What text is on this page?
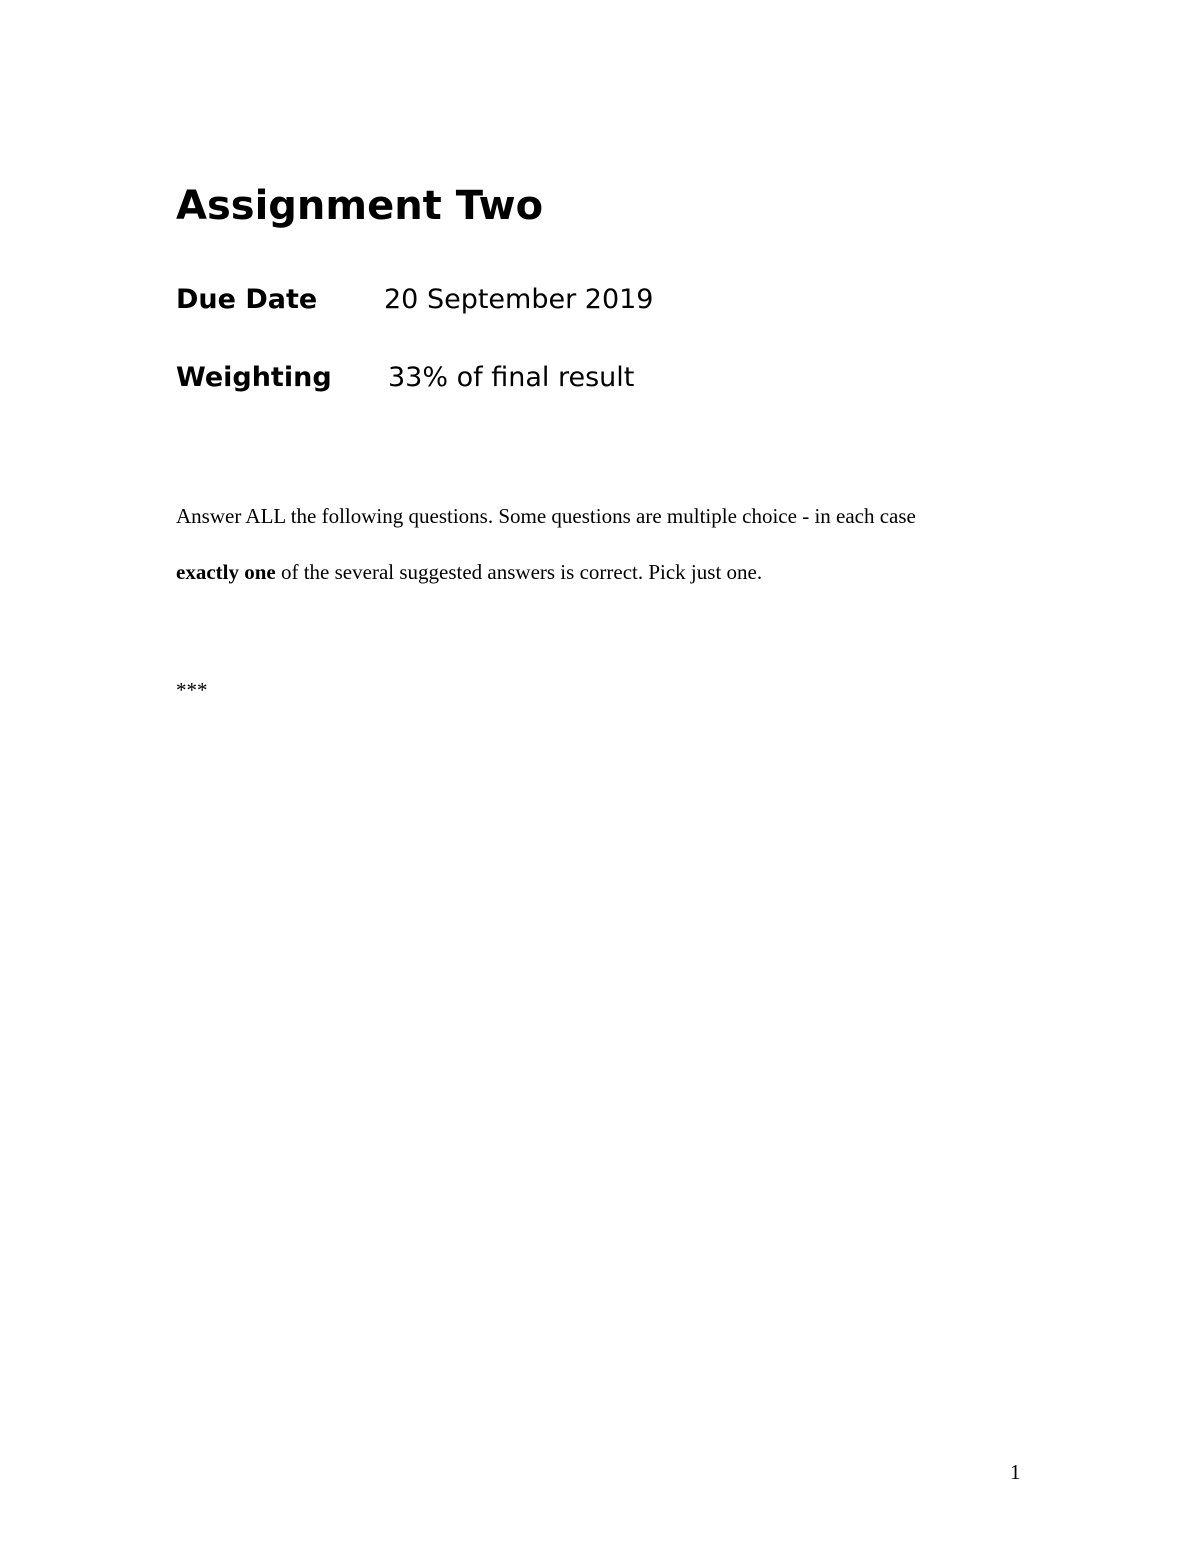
Assignment Two
Due Date 20 September 2019
Weighting 33% of final result

Answer ALL the following questions. Some questions are multiple choice - in each case
exactly one of the several suggested answers is correct. Pick just one.

***
1
